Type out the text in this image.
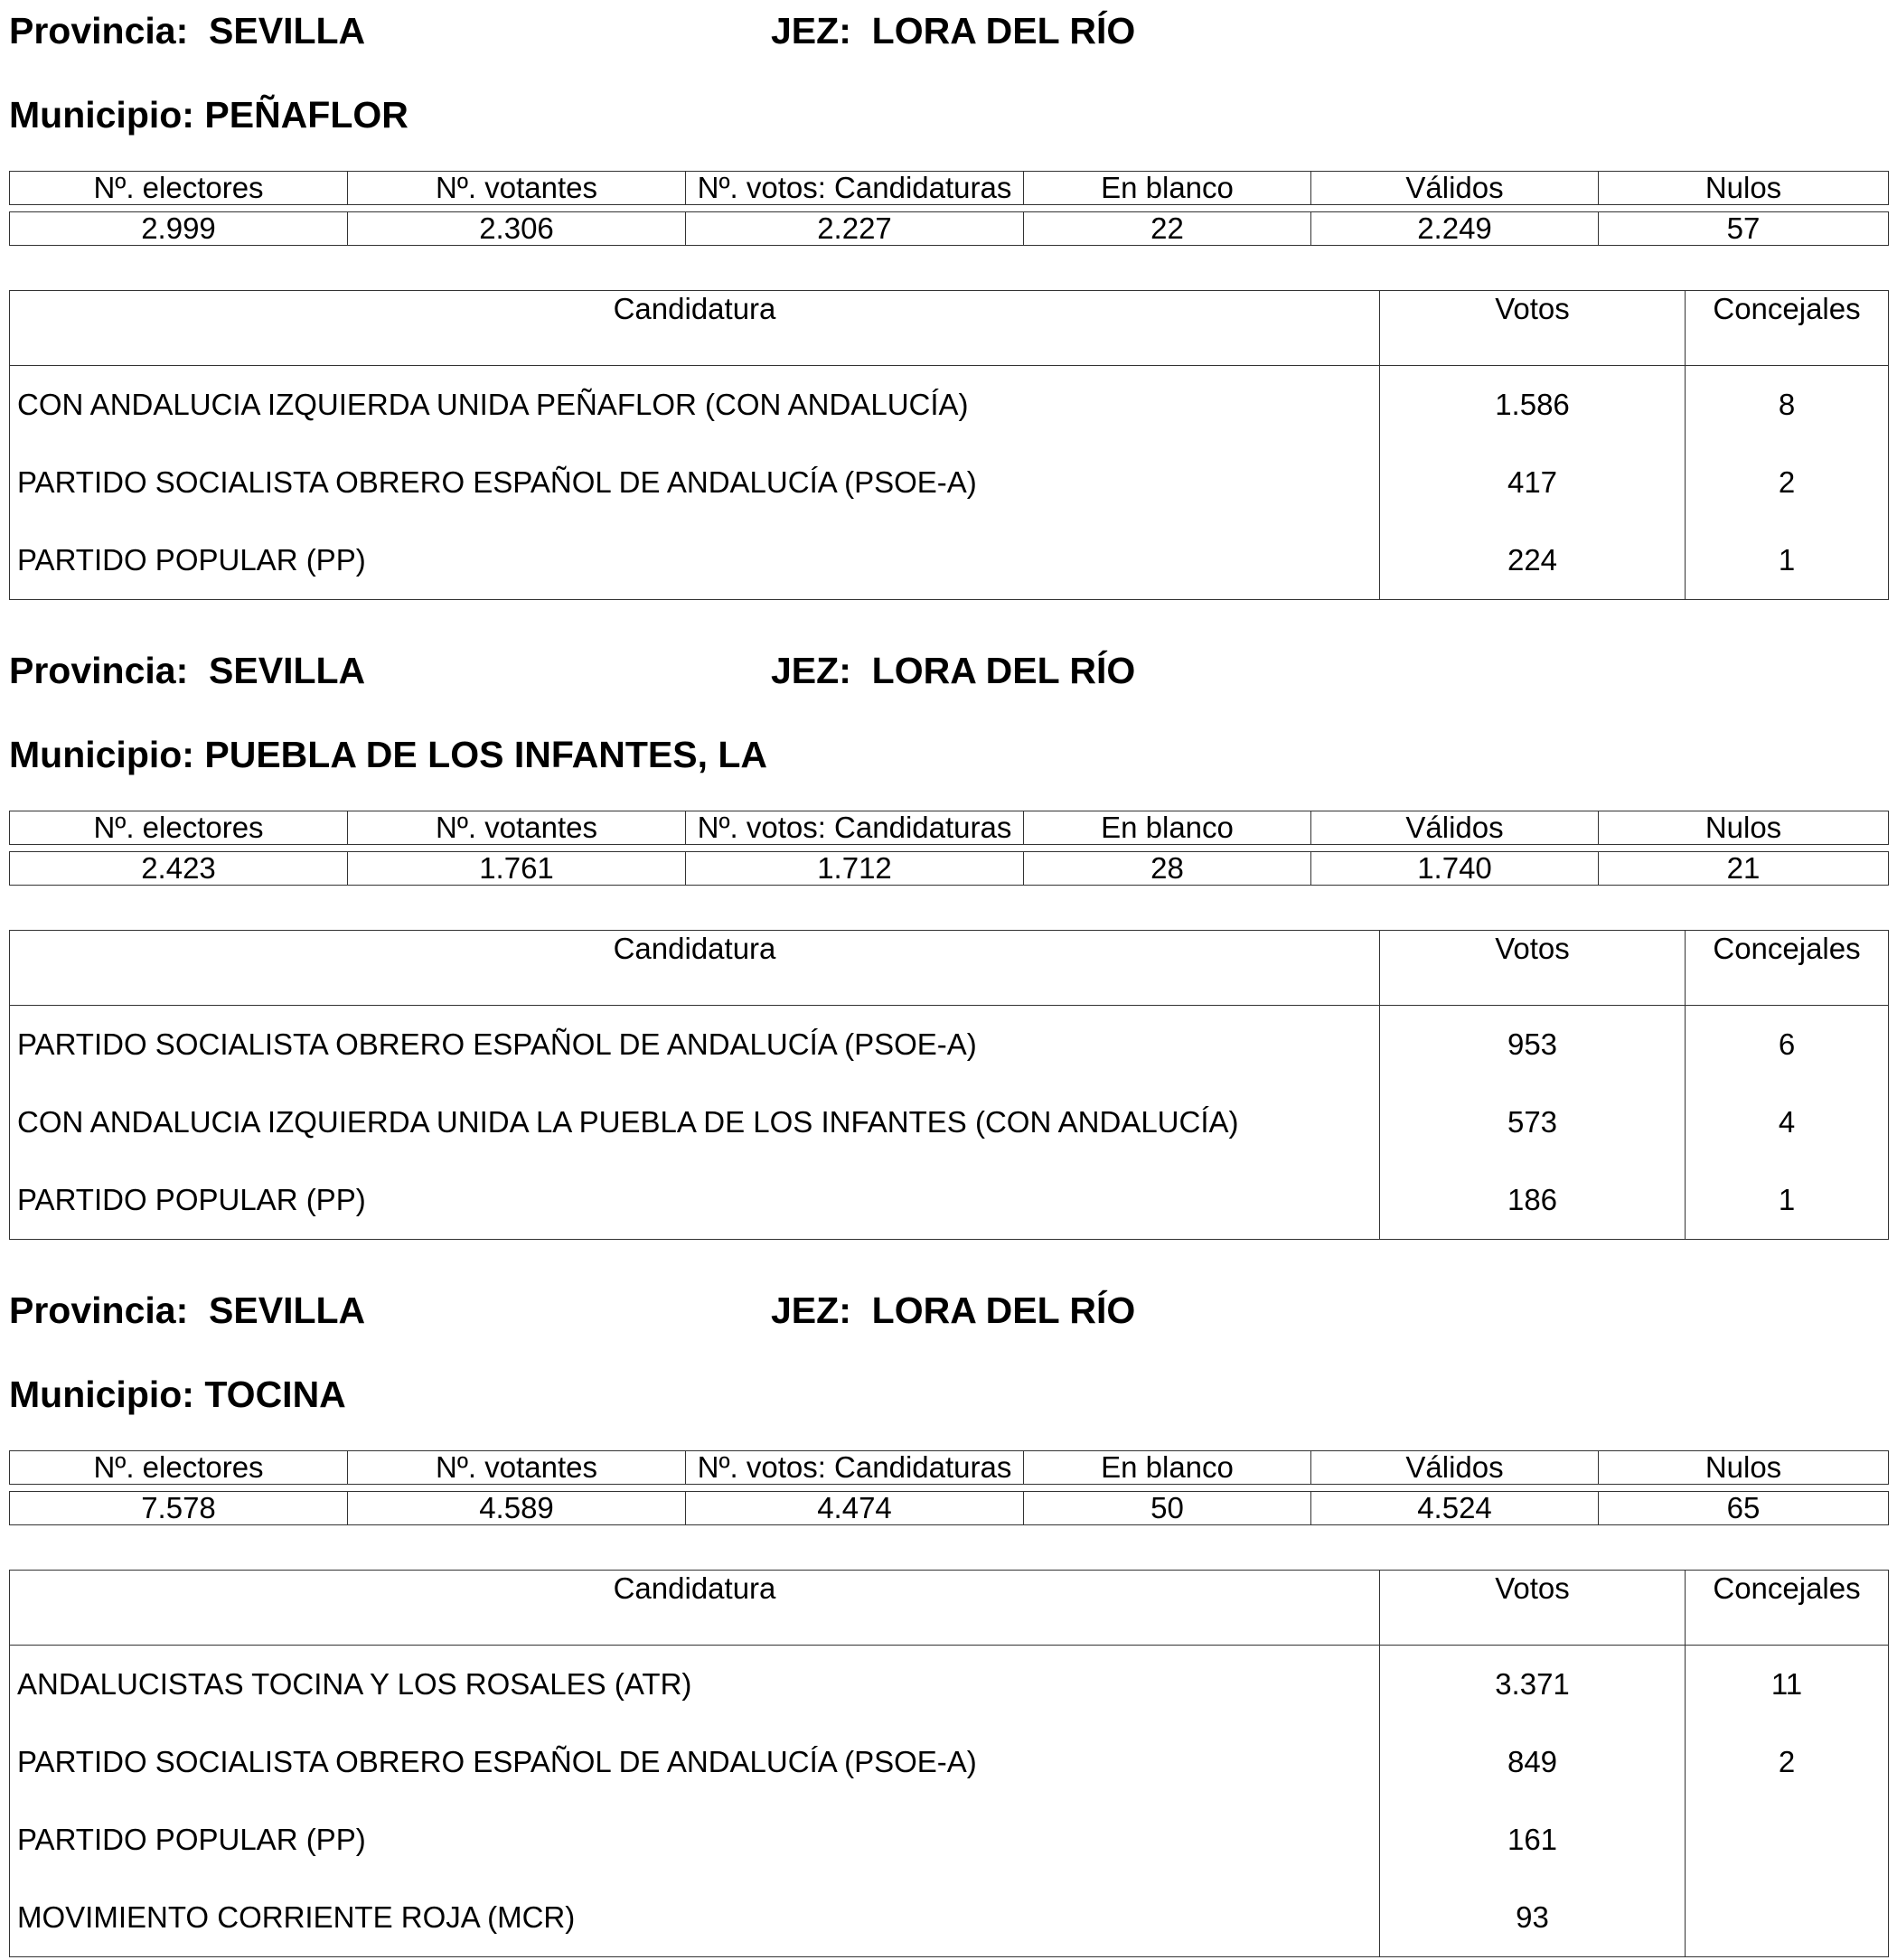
Provincia: SEVILLA	JEZ: LORA DEL RÍO
Municipio: PEÑAFLOR
Nº. electores	Nº. votantes	Nº. votos: Candidaturas	En blanco	Válidos	Nulos

2.999	2.306	2.227	22	2.249	57
Candidatura	Votos	Concejales
CON ANDALUCIA IZQUIERDA UNIDA PEÑAFLOR (CON ANDALUCÍA)	1.586	8
PARTIDO SOCIALISTA OBRERO ESPAÑOL DE ANDALUCÍA (PSOE-A)	417	2
PARTIDO POPULAR (PP)	224	1
Provincia: SEVILLA	JEZ: LORA DEL RÍO
Municipio: PUEBLA DE LOS INFANTES, LA
Nº. electores	Nº. votantes	Nº. votos: Candidaturas	En blanco	Válidos	Nulos

2.423	1.761	1.712	28	1.740	21
Candidatura	Votos	Concejales
PARTIDO SOCIALISTA OBRERO ESPAÑOL DE ANDALUCÍA (PSOE-A)	953	6
CON ANDALUCIA IZQUIERDA UNIDA LA PUEBLA DE LOS INFANTES (CON ANDALUCÍA)	573	4
PARTIDO POPULAR (PP)	186	1
Provincia: SEVILLA	JEZ: LORA DEL RÍO
Municipio: TOCINA
Nº. electores	Nº. votantes	Nº. votos: Candidaturas	En blanco	Válidos	Nulos

7.578	4.589	4.474	50	4.524	65
Candidatura	Votos	Concejales
ANDALUCISTAS TOCINA Y LOS ROSALES (ATR)	3.371	11
PARTIDO SOCIALISTA OBRERO ESPAÑOL DE ANDALUCÍA (PSOE-A)	849	2
PARTIDO POPULAR (PP)	161	
MOVIMIENTO CORRIENTE ROJA (MCR)	93	
